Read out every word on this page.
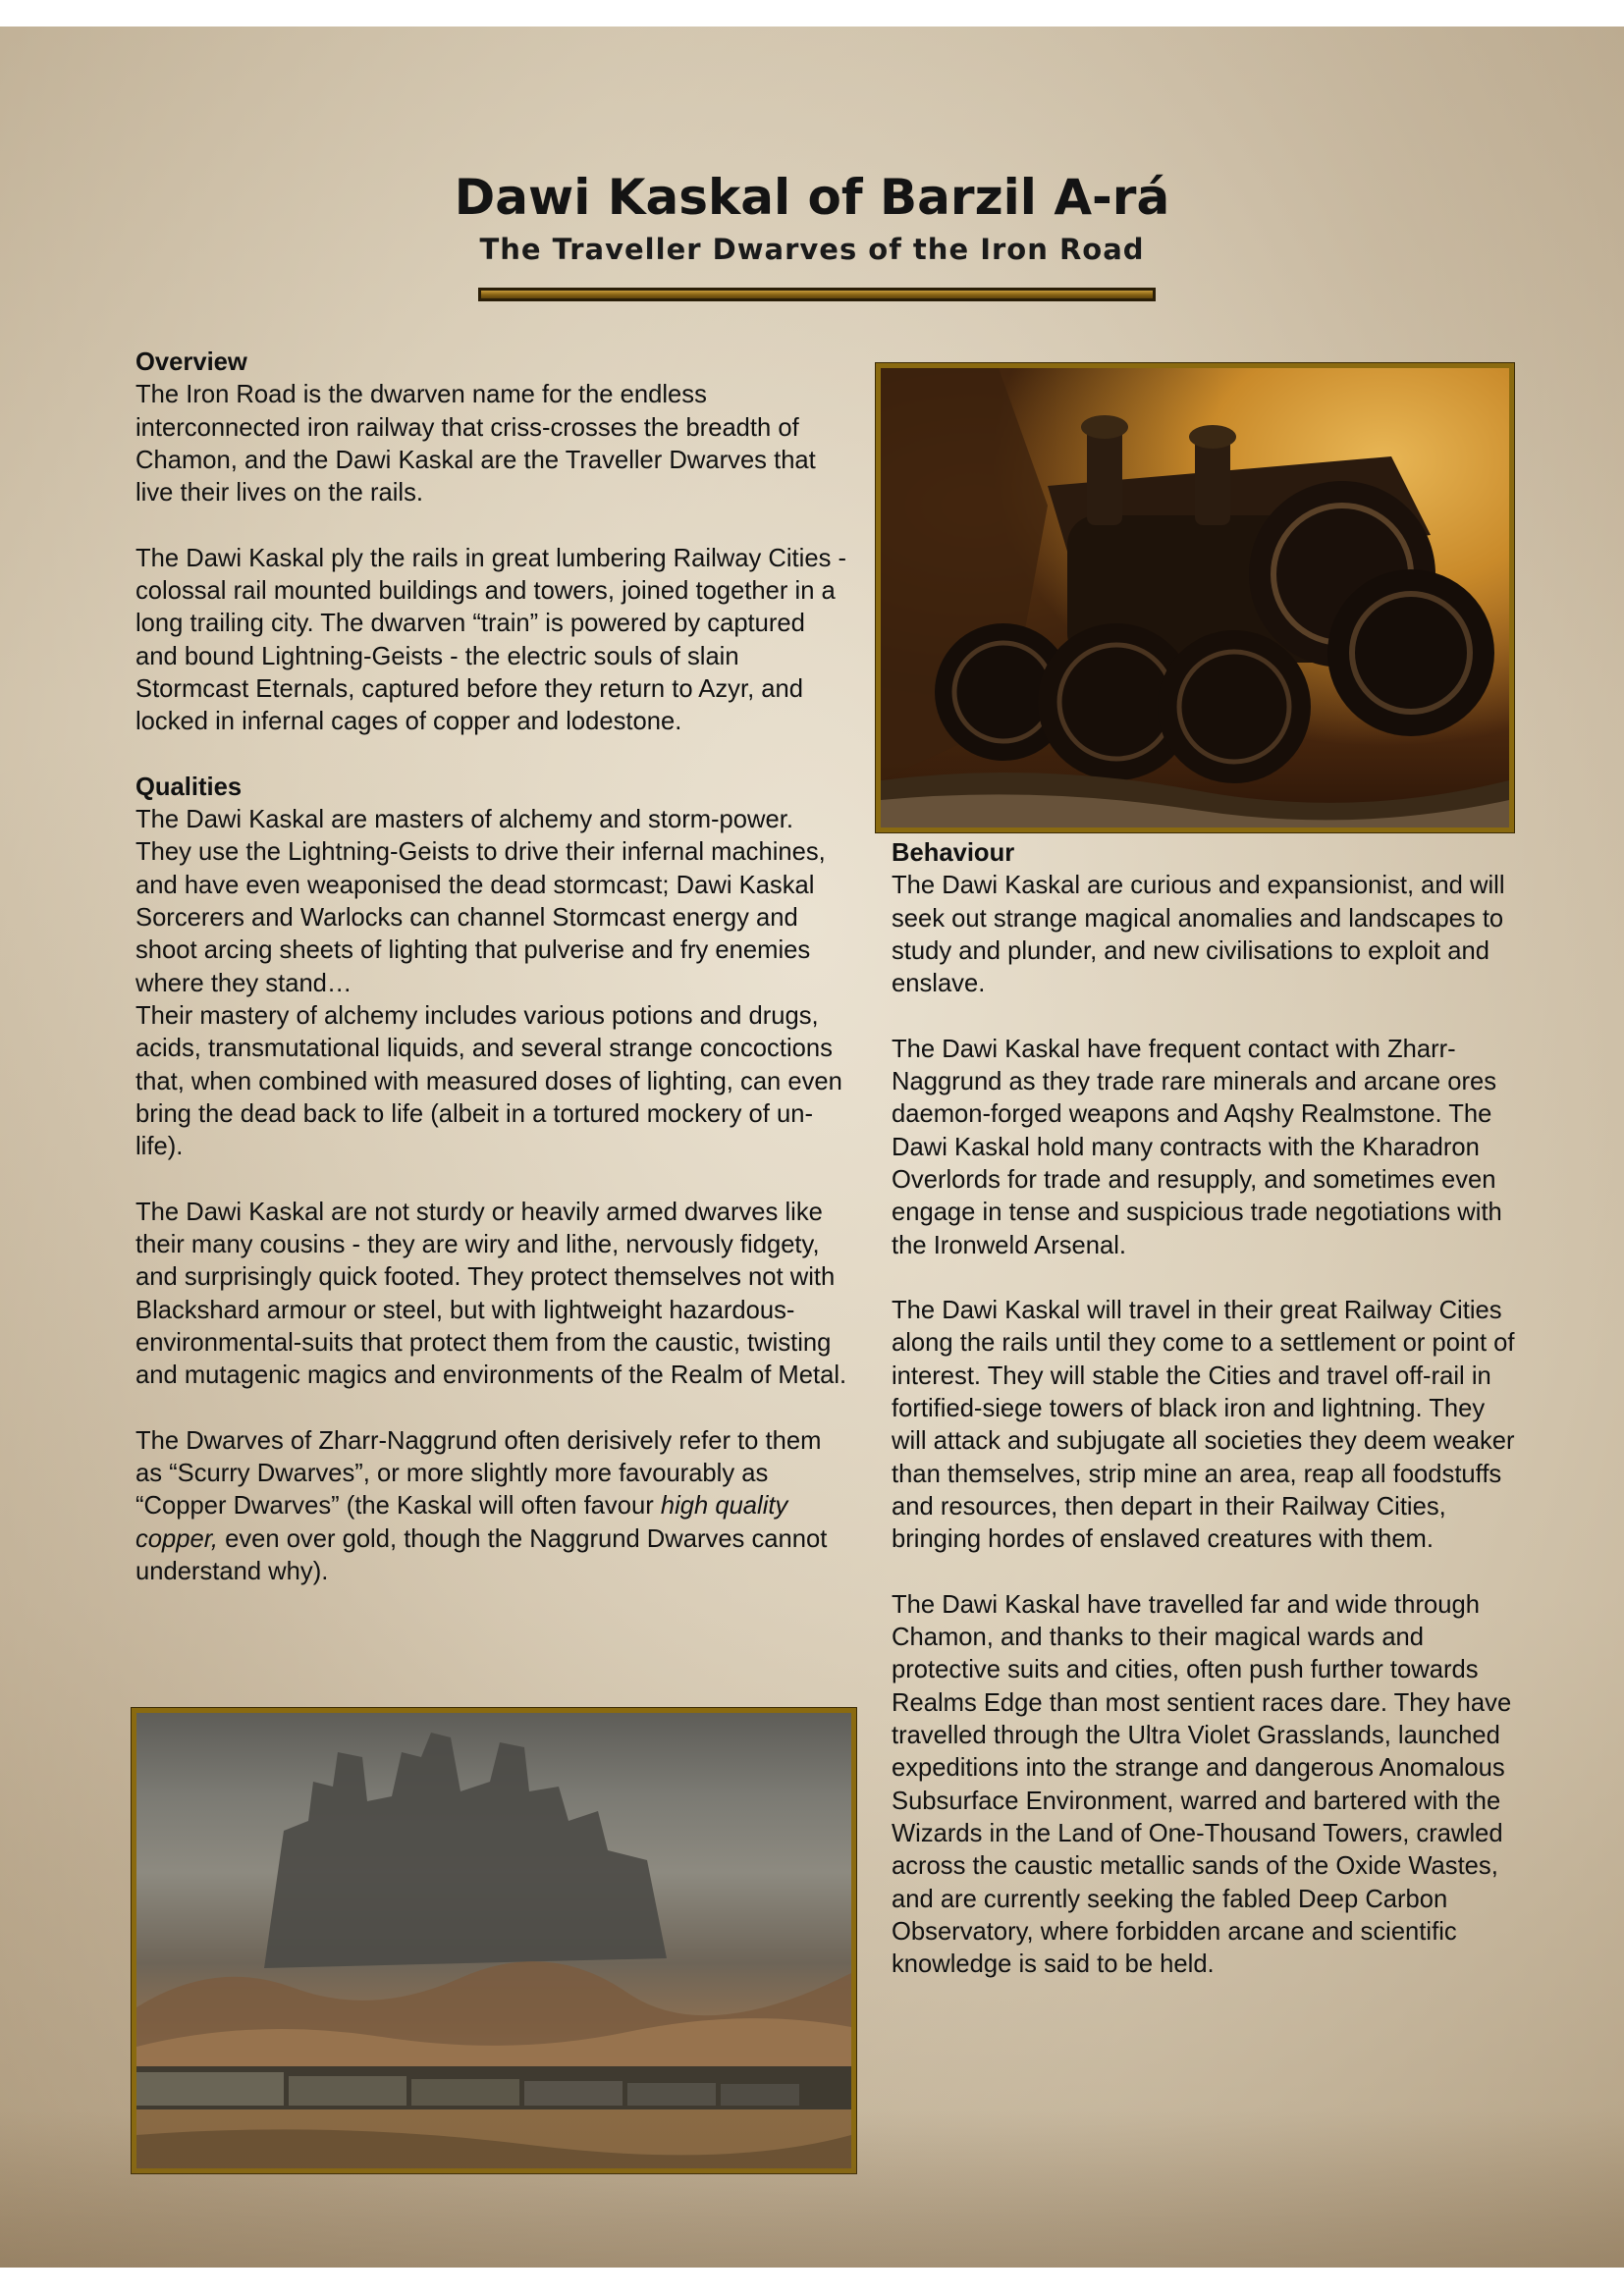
Dawi Kaskal of Barzil A-rá
The Traveller Dwarves of the Iron Road

Overview

The Iron Road is the dwarven name for the endless interconnected iron railway that criss-crosses the breadth of Chamon, and the Dawi Kaskal are the Traveller Dwarves that live their lives on the rails.

The Dawi Kaskal ply the rails in great lumbering Railway Cities - colossal rail mounted buildings and towers, joined together in a long trailing city. The dwarven “train” is powered by captured and bound Lightning-Geists - the electric souls of slain Stormcast Eternals, captured before they return to Azyr, and locked in infernal cages of copper and lodestone.

Qualities

The Dawi Kaskal are masters of alchemy and storm-power. They use the Lightning-Geists to drive their infernal machines, and have even weaponised the dead stormcast; Dawi Kaskal Sorcerers and Warlocks can channel Stormcast energy and shoot arcing sheets of lighting that pulverise and fry enemies where they stand…

Their mastery of alchemy includes various potions and drugs, acids, transmutational liquids, and several strange concoctions that, when combined with measured doses of lighting, can even bring the dead back to life (albeit in a tortured mockery of un-life).

The Dawi Kaskal are not sturdy or heavily armed dwarves like their many cousins - they are wiry and lithe, nervously fidgety, and surprisingly quick footed. They protect themselves not with Blackshard armour or steel, but with lightweight hazardous-environmental-suits that protect them from the caustic, twisting and mutagenic magics and environments of the Realm of Metal.

The Dwarves of Zharr-Naggrund often derisively refer to them as “Scurry Dwarves”, or more slightly more favourably as “Copper Dwarves” (the Kaskal will often favour high quality copper, even over gold, though the Naggrund Dwarves cannot understand why).

Behaviour

The Dawi Kaskal are curious and expansionist, and will seek out strange magical anomalies and landscapes to study and plunder, and new civilisations to exploit and enslave.

The Dawi Kaskal have frequent contact with Zharr-Naggrund as they trade rare minerals and arcane ores daemon-forged weapons and Aqshy Realmstone. The Dawi Kaskal hold many contracts with the Kharadron Overlords for trade and resupply, and sometimes even engage in tense and suspicious trade negotiations with the Ironweld Arsenal.

The Dawi Kaskal will travel in their great Railway Cities along the rails until they come to a settlement or point of interest. They will stable the Cities and travel off-rail in fortified-siege towers of black iron and lightning. They will attack and subjugate all societies they deem weaker than themselves, strip mine an area, reap all foodstuffs and resources, then depart in their Railway Cities, bringing hordes of enslaved creatures with them.

The Dawi Kaskal have travelled far and wide through Chamon, and thanks to their magical wards and protective suits and cities, often push further towards Realms Edge than most sentient races dare. They have travelled through the Ultra Violet Grasslands, launched expeditions into the strange and dangerous Anomalous Subsurface Environment, warred and bartered with the Wizards in the Land of One-Thousand Towers, crawled across the caustic metallic sands of the Oxide Wastes, and are currently seeking the fabled Deep Carbon Observatory, where forbidden arcane and scientific knowledge is said to be held.
